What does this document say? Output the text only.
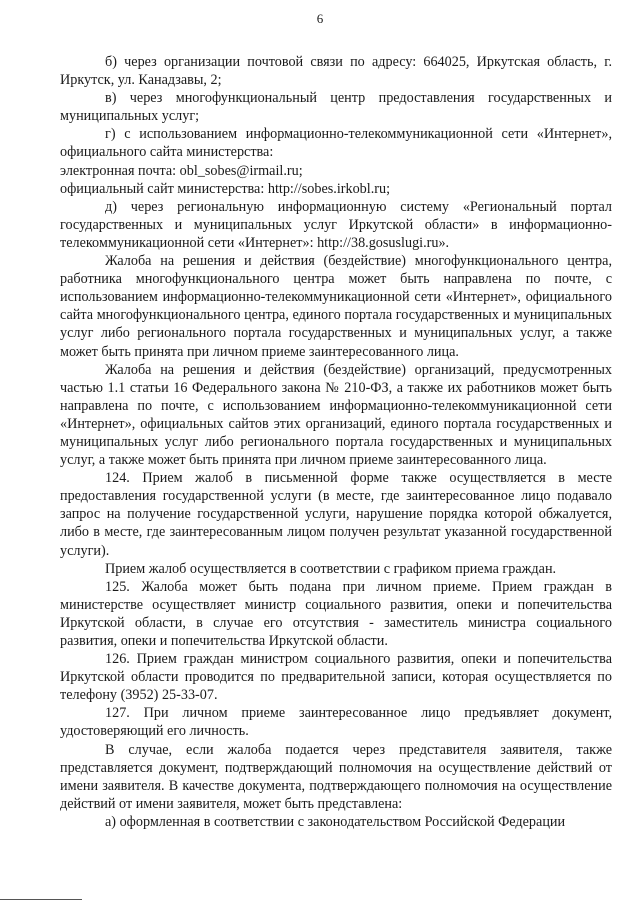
6

б) через организации почтовой связи по адресу: 664025, Иркутская область, г. Иркутск, ул. Канадзавы, 2;

в) через многофункциональный центр предоставления государственных и муниципальных услуг;

г) с использованием информационно-телекоммуникационной сети «Интернет», официального сайта министерства:

электронная почта: obl_sobes@irmail.ru;

официальный сайт министерства: http://sobes.irkobl.ru;

д) через региональную информационную систему «Региональный портал государственных и муниципальных услуг Иркутской области» в информационно-телекоммуникационной сети «Интернет»: http://38.gosuslugi.ru».

Жалоба на решения и действия (бездействие) многофункционального центра, работника многофункционального центра может быть направлена по почте, с использованием информационно-телекоммуникационной сети «Интернет», официального сайта многофункционального центра, единого портала государственных и муниципальных услуг либо регионального портала государственных и муниципальных услуг, а также может быть принята при личном приеме заинтересованного лица.

Жалоба на решения и действия (бездействие) организаций, предусмотренных частью 1.1 статьи 16 Федерального закона № 210-ФЗ, а также их работников может быть направлена по почте, с использованием информационно-телекоммуникационной сети «Интернет», официальных сайтов этих организаций, единого портала государственных и муниципальных услуг либо регионального портала государственных и муниципальных услуг, а также может быть принята при личном приеме заинтересованного лица.

124. Прием жалоб в письменной форме также осуществляется в месте предоставления государственной услуги (в месте, где заинтересованное лицо подавало запрос на получение государственной услуги, нарушение порядка которой обжалуется, либо в месте, где заинтересованным лицом получен результат указанной государственной услуги).

Прием жалоб осуществляется в соответствии с графиком приема граждан.

125. Жалоба может быть подана при личном приеме. Прием граждан в министерстве осуществляет министр социального развития, опеки и попечительства Иркутской области, в случае его отсутствия - заместитель министра социального развития, опеки и попечительства Иркутской области.

126. Прием граждан министром социального развития, опеки и попечительства Иркутской области проводится по предварительной записи, которая осуществляется по телефону (3952) 25-33-07.

127. При личном приеме заинтересованное лицо предъявляет документ, удостоверяющий его личность.

В случае, если жалоба подается через представителя заявителя, также представляется документ, подтверждающий полномочия на осуществление действий от имени заявителя. В качестве документа, подтверждающего полномочия на осуществление действий от имени заявителя, может быть представлена:

а) оформленная в соответствии с законодательством Российской Федерации
